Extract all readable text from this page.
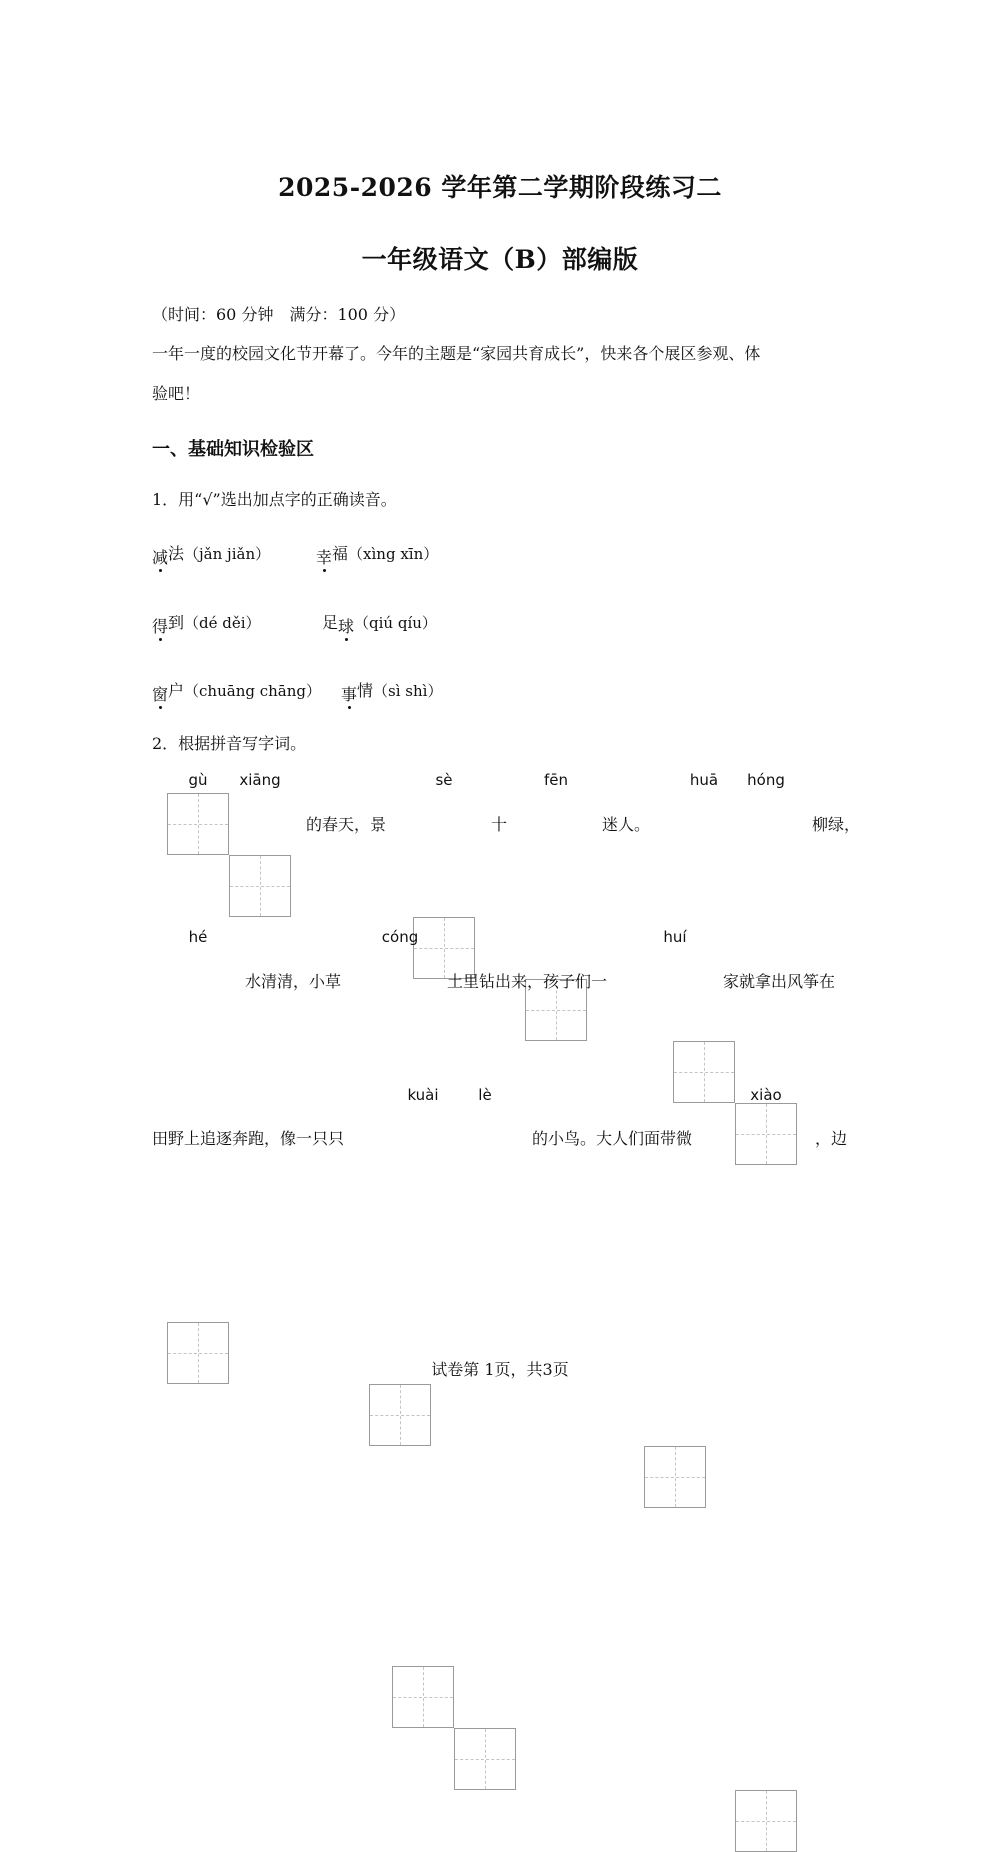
2025-2026 学年第二学期阶段练习二
一年级语文（B）部编版
（时间：60 分钟　满分：100 分）
一年一度的校园文化节开幕了。今年的主题是“家园共育成长”，快来各个展区参观、体
验吧！
一、基础知识检验区
1．用“√”选出加点字的正确读音。
减法（jǎn jiǎn）	幸福（xìng xīn）
得到（dé děi）	足球（qiú qíu）
窗户（chuāng chāng） 事情（sì shì）
2．根据拼音写字词。
gù	xiāng	sè	fēn	huā	hóng
的春天，景	十	迷人。	柳绿，
hé	cóng	huí
水清清，小草	土里钻出来，孩子们一	家就拿出风筝在
kuài	lè	xiào
田野上追逐奔跑，像一只只	的小鸟。大人们面带微	，边
试卷第 1页，共3页
